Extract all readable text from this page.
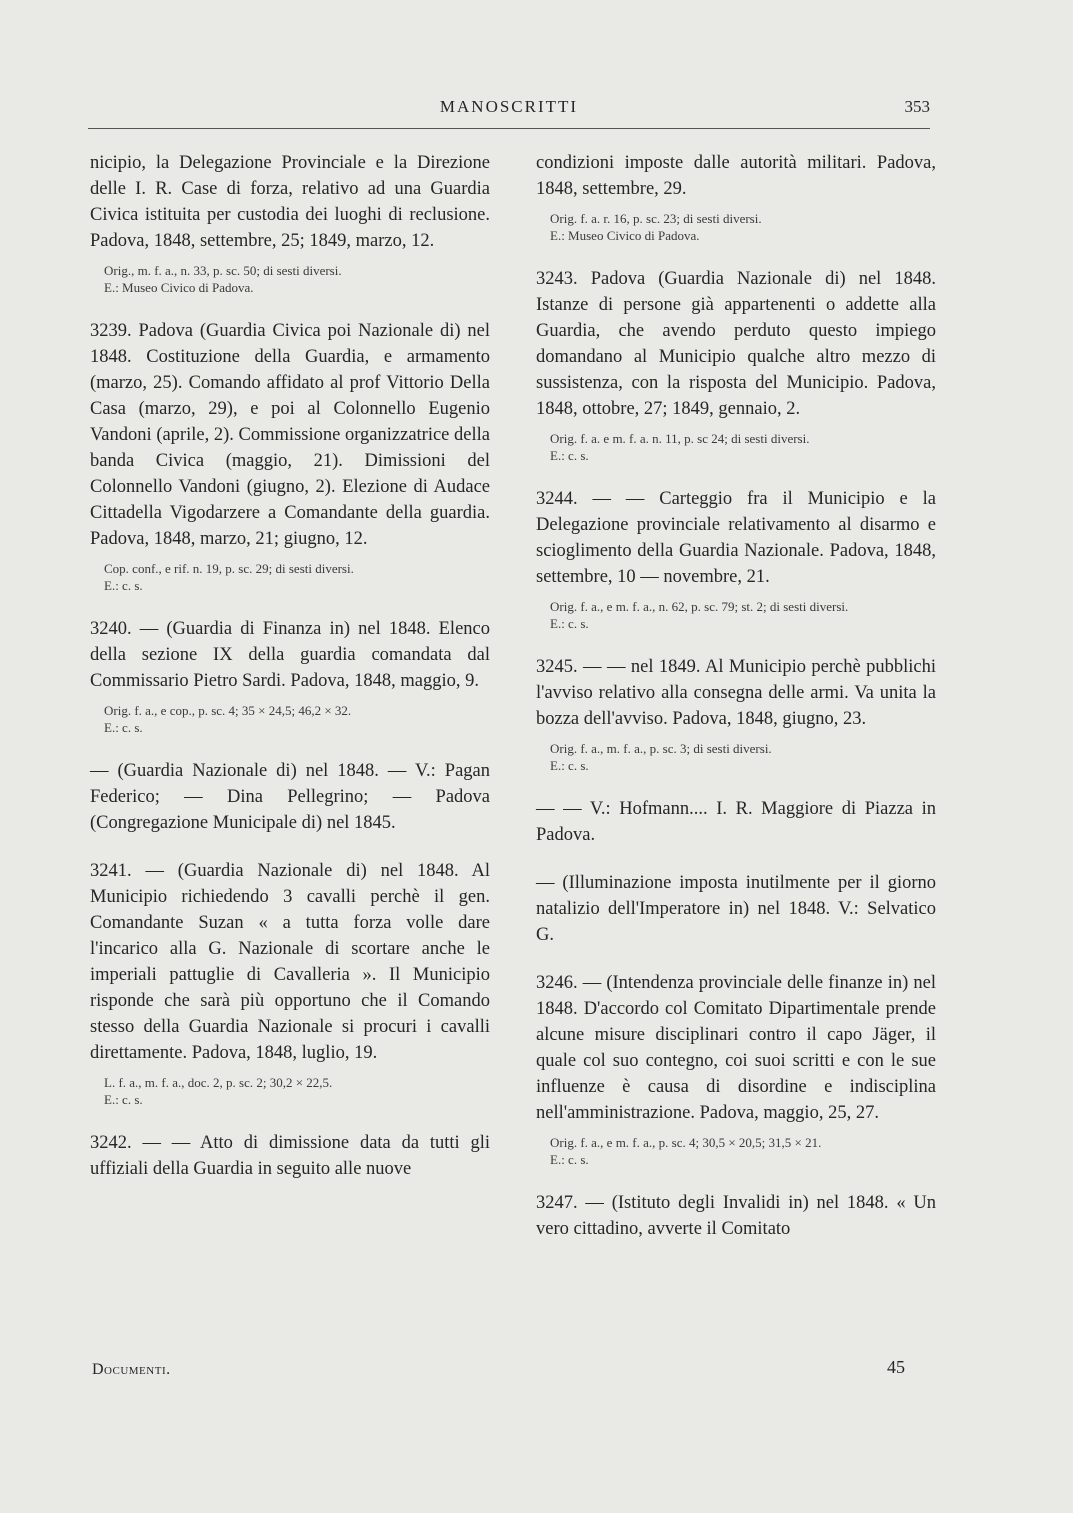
MANOSCRITTI	353
nicipio, la Delegazione Provinciale e la Direzione delle I. R. Case di forza, relativo ad una Guardia Civica istituita per custodia dei luoghi di reclusione. Padova, 1848, settembre, 25; 1849, marzo, 12.
Orig., m. f. a., n. 33, p. sc. 50; di sesti diversi.
E.: Museo Civico di Padova.
3239. Padova (Guardia Civica poi Nazionale di) nel 1848. Costituzione della Guardia, e armamento (marzo, 25). Comando affidato al prof Vittorio Della Casa (marzo, 29), e poi al Colonnello Eugenio Vandoni (aprile, 2). Commissione organizzatrice della banda Civica (maggio, 21). Dimissioni del Colonnello Vandoni (giugno, 2). Elezione di Audace Cittadella Vigodarzere a Comandante della guardia. Padova, 1848, marzo, 21; giugno, 12.
Cop. conf., e rif. n. 19, p. sc. 29; di sesti diversi.
E.: c. s.
3240. — (Guardia di Finanza in) nel 1848. Elenco della sezione IX della guardia comandata dal Commissario Pietro Sardi. Padova, 1848, maggio, 9.
Orig. f. a., e cop., p. sc. 4; 35 × 24,5; 46,2 × 32.
E.: c. s.
— (Guardia Nazionale di) nel 1848. — V.: Pagan Federico; — Dina Pellegrino; — Padova (Congregazione Municipale di) nel 1845.
3241. — (Guardia Nazionale di) nel 1848. Al Municipio richiedendo 3 cavalli perchè il gen. Comandante Suzan « a tutta forza volle dare l'incarico alla G. Nazionale di scortare anche le imperiali pattuglie di Cavalleria ». Il Municipio risponde che sarà più opportuno che il Comando stesso della Guardia Nazionale si procuri i cavalli direttamente. Padova, 1848, luglio, 19.
L. f. a., m. f. a., doc. 2, p. sc. 2; 30,2 × 22,5.
E.: c. s.
3242. — — Atto di dimissione data da tutti gli uffiziali della Guardia in seguito alle nuove
condizioni imposte dalle autorità militari. Padova, 1848, settembre, 29.
Orig. f. a. r. 16, p. sc. 23; di sesti diversi.
E.: Museo Civico di Padova.
3243. Padova (Guardia Nazionale di) nel 1848. Istanze di persone già appartenenti o addette alla Guardia, che avendo perduto questo impiego domandano al Municipio qualche altro mezzo di sussistenza, con la risposta del Municipio. Padova, 1848, ottobre, 27; 1849, gennaio, 2.
Orig. f. a. e m. f. a. n. 11, p. sc 24; di sesti diversi.
E.: c. s.
3244. — — Carteggio fra il Municipio e la Delegazione provinciale relativamento al disarmo e scioglimento della Guardia Nazionale. Padova, 1848, settembre, 10 — novembre, 21.
Orig. f. a., e m. f. a., n. 62, p. sc. 79; st. 2; di sesti diversi.
E.: c. s.
3245. — — nel 1849. Al Municipio perchè pubblichi l'avviso relativo alla consegna delle armi. Va unita la bozza dell'avviso. Padova, 1848, giugno, 23.
Orig. f. a., m. f. a., p. sc. 3; di sesti diversi.
E.: c. s.
— — V.: Hofmann.... I. R. Maggiore di Piazza in Padova.
— (Illuminazione imposta inutilmente per il giorno natalizio dell'Imperatore in) nel 1848. V.: Selvatico G.
3246. — (Intendenza provinciale delle finanze in) nel 1848. D'accordo col Comitato Dipartimentale prende alcune misure disciplinari contro il capo Jäger, il quale col suo contegno, coi suoi scritti e con le sue influenze è causa di disordine e indisciplina nell'amministrazione. Padova, maggio, 25, 27.
Orig. f. a., e m. f. a., p. sc. 4; 30,5 × 20,5; 31,5 × 21.
E.: c. s.
3247. — (Istituto degli Invalidi in) nel 1848. « Un vero cittadino, avverte il Comitato
Documenti.	45
